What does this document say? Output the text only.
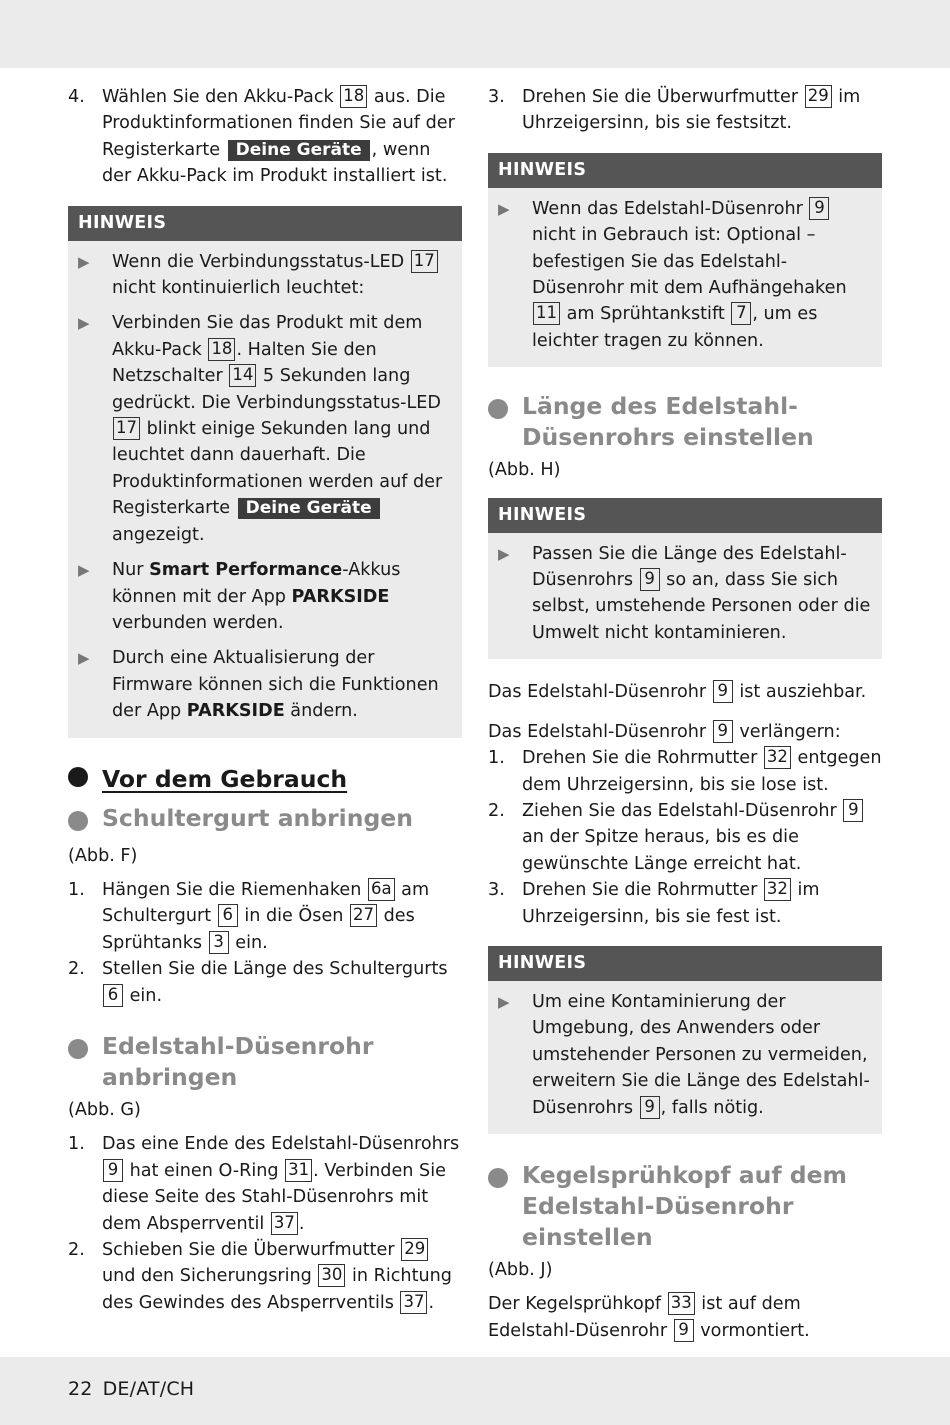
4. Wählen Sie den Akku-Pack 18 aus. Die Produktinformationen finden Sie auf der Registerkarte Deine Geräte , wenn der Akku-Pack im Produkt installiert ist.
HINWEIS
▶	Wenn die Verbindungsstatus-LED 17 nicht kontinuierlich leuchtet:
▶	Verbinden Sie das Produkt mit dem Akku-Pack 18 . Halten Sie den Netzschalter 14 5 Sekunden lang gedrückt. Die Verbindungsstatus-LED 17 blinkt einige Sekunden lang und leuchtet dann dauerhaft. Die Produktinformationen werden auf der Registerkarte Deine Geräte angezeigt.
▶	Nur Smart Performance-Akkus können mit der App PARKSIDE verbunden werden.
▶	Durch eine Aktualisierung der Firmware können sich die Funktionen der App PARKSIDE ändern.
Vor dem Gebrauch
Schultergurt anbringen

(Abb. F)

1. Hängen Sie die Riemenhaken 6a am Schultergurt 6 in die Ösen 27 des Sprühtanks 3 ein.
2. Stellen Sie die Länge des Schultergurts 6 ein.
Edelstahl-Düsenrohr anbringen

(Abb. G)

1. Das eine Ende des Edelstahl-Düsenrohrs 9 hat einen O-Ring 31 . Verbinden Sie diese Seite des Stahl-Düsenrohrs mit dem Absperrventil 37 .
2. Schieben Sie die Überwurfmutter 29 und den Sicherungsring 30 in Richtung des Gewindes des Absperrventils 37 .
3. Drehen Sie die Überwurfmutter 29 im Uhrzeigersinn, bis sie festsitzt.
HINWEIS
▶	Wenn das Edelstahl-Düsenrohr 9 nicht in Gebrauch ist: Optional – befestigen Sie das Edelstahl-Düsenrohr mit dem Aufhängehaken 11 am Sprühtankstift 7 , um es leichter tragen zu können.
Länge des Edelstahl-Düsenrohrs einstellen

(Abb. H)

HINWEIS
▶	Passen Sie die Länge des Edelstahl-Düsenrohrs 9 so an, dass Sie sich selbst, umstehende Personen oder die Umwelt nicht kontaminieren.

Das Edelstahl-Düsenrohr 9 ist ausziehbar.

Das Edelstahl-Düsenrohr 9 verlängern:

1. Drehen Sie die Rohrmutter 32 entgegen dem Uhrzeigersinn, bis sie lose ist.
2. Ziehen Sie das Edelstahl-Düsenrohr 9 an der Spitze heraus, bis es die gewünschte Länge erreicht hat.
3. Drehen Sie die Rohrmutter 32 im Uhrzeigersinn, bis sie fest ist.
HINWEIS
▶	Um eine Kontaminierung der Umgebung, des Anwenders oder umstehender Personen zu vermeiden, erweitern Sie die Länge des Edelstahl-Düsenrohrs 9 , falls nötig.
Kegelsprühkopf auf dem Edelstahl-Düsenrohr einstellen

(Abb. J)

Der Kegelsprühkopf 33 ist auf dem Edelstahl-Düsenrohr 9 vormontiert.

22 DE/AT/CH
